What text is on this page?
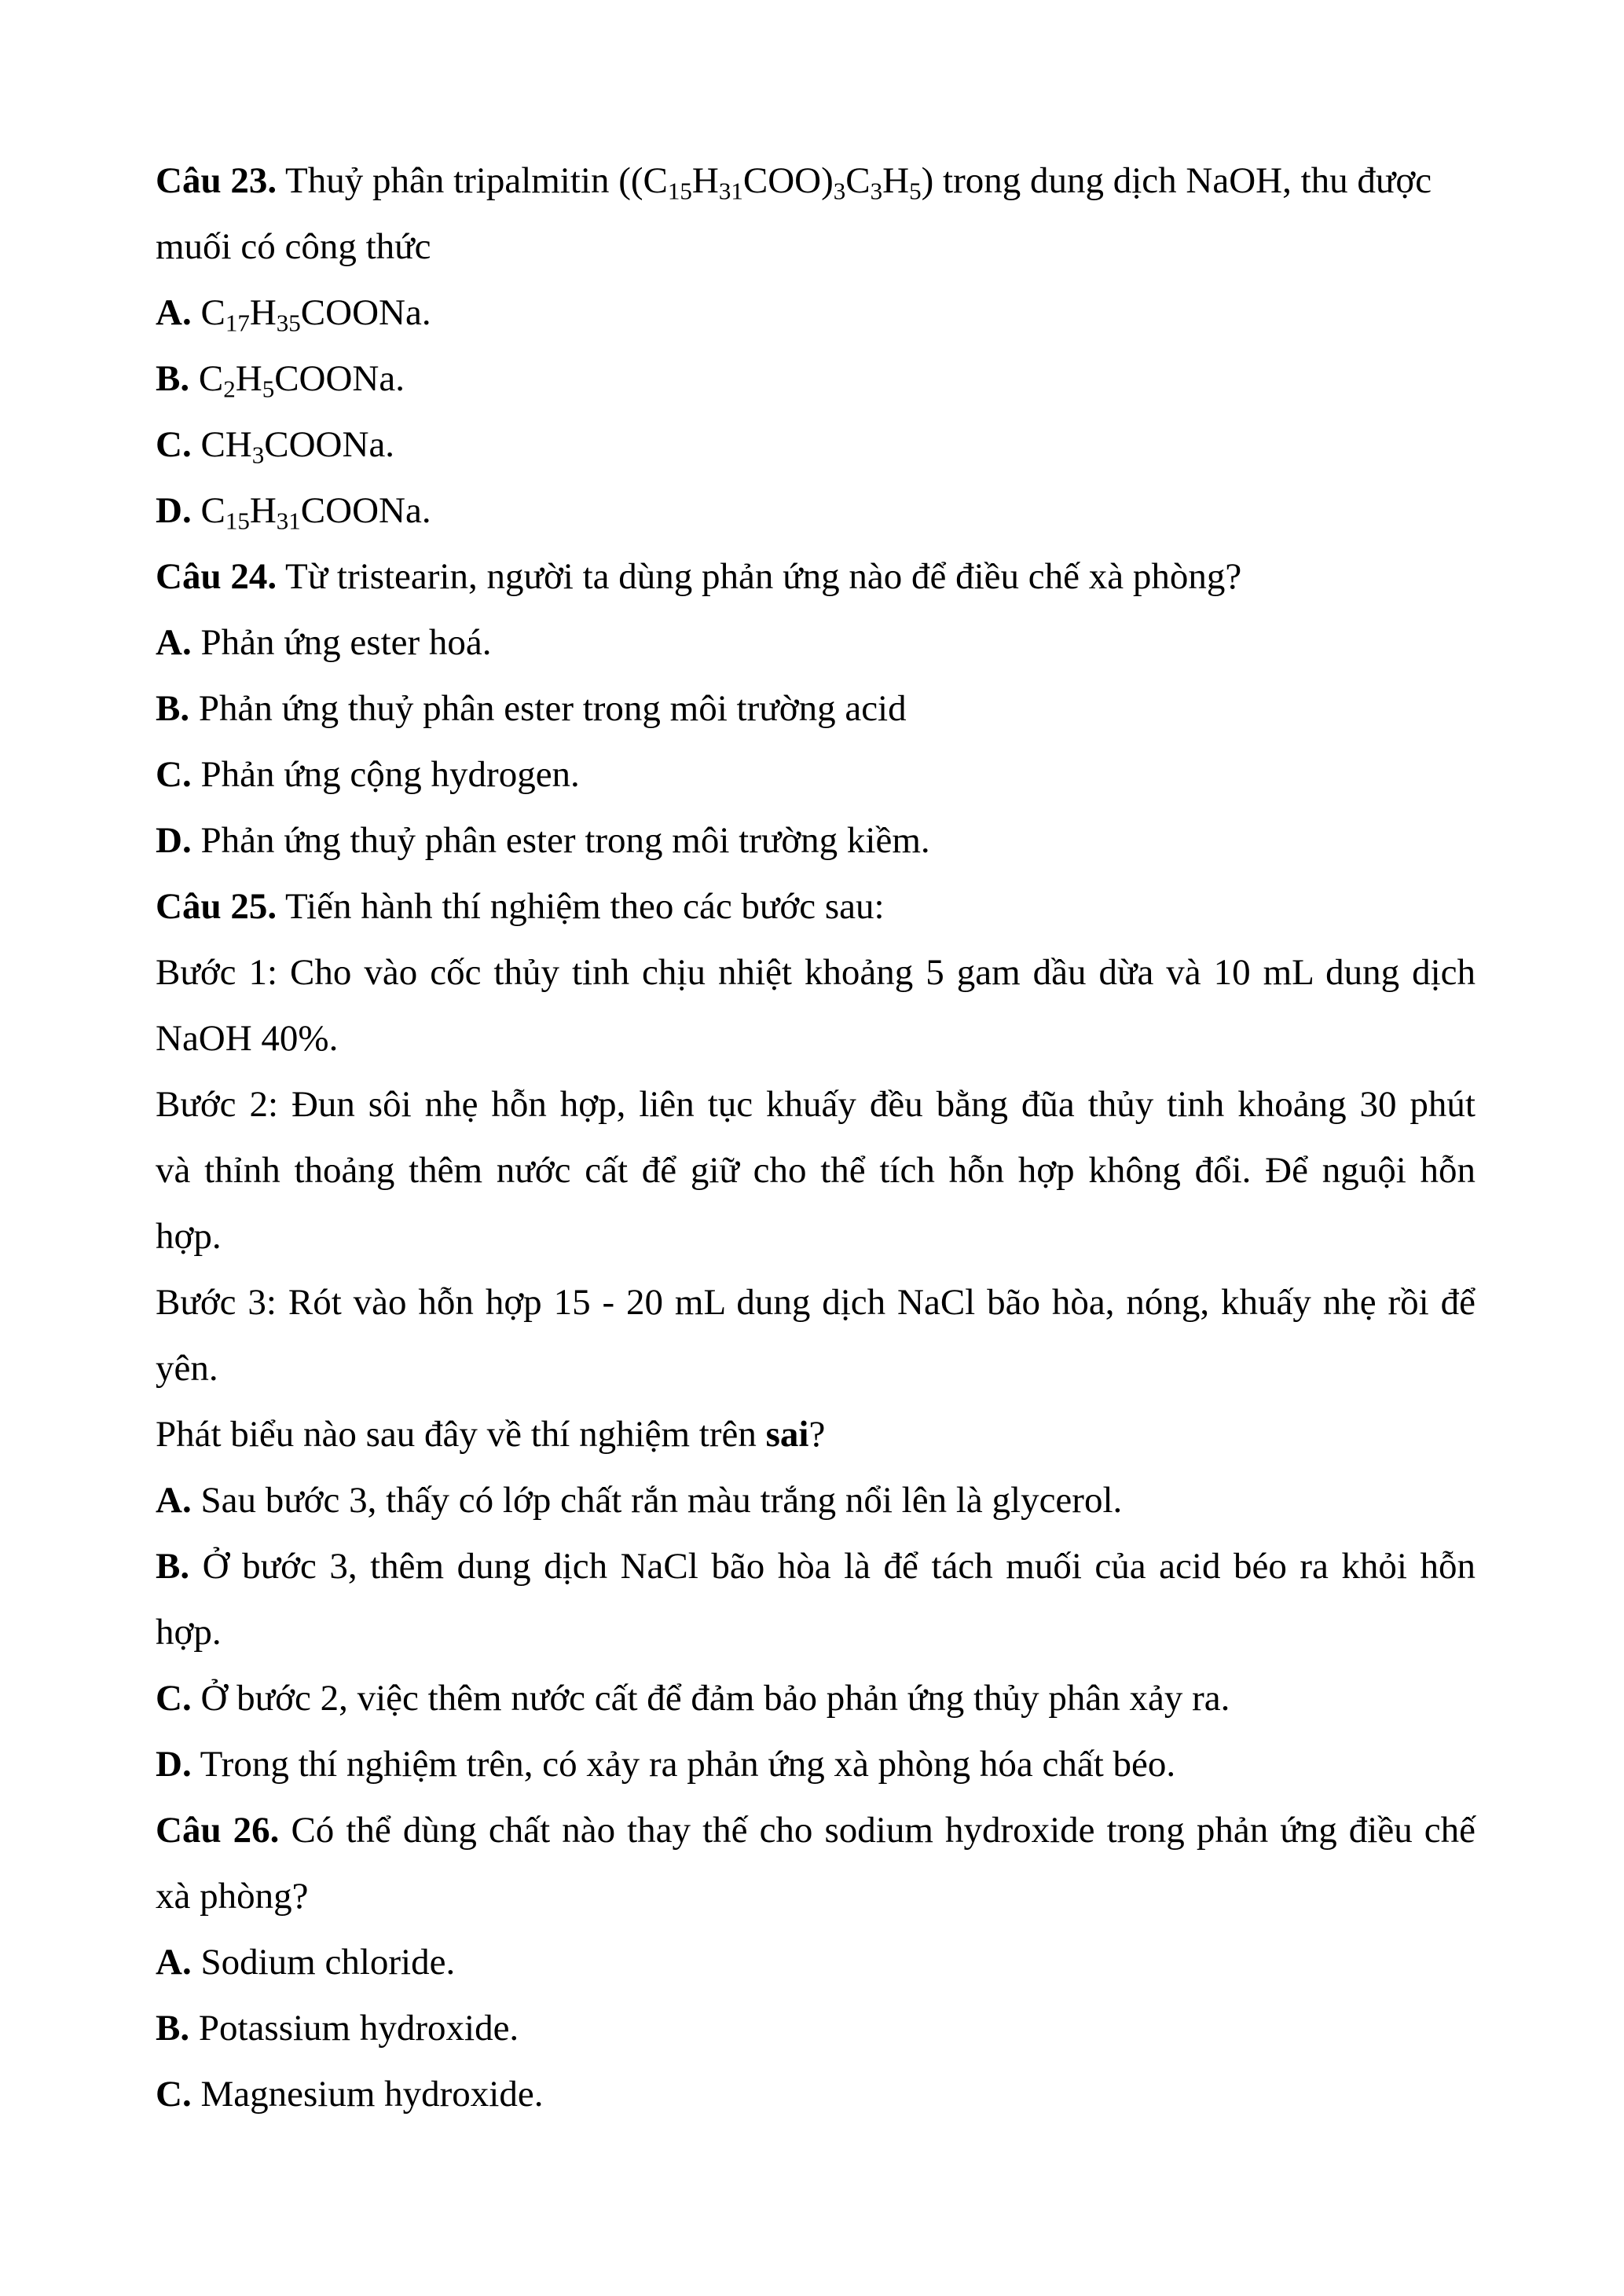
Câu 23. Thuỷ phân tripalmitin $((C_{15}H_{31}COO)_3C_3H_5)$ trong dung dịch NaOH, thu được
muối có công thức
A. $C_{17}H_{35}COONa$.
B. $C_2H_5COONa$.
C. $CH_3COONa$.
D. $C_{15}H_{31}COONa$.
Câu 24. Từ tristearin, người ta dùng phản ứng nào để điều chế xà phòng?
A. Phản ứng ester hoá.
B. Phản ứng thuỷ phân ester trong môi trường acid
C. Phản ứng cộng hydrogen.
D. Phản ứng thuỷ phân ester trong môi trường kiềm.
Câu 25. Tiến hành thí nghiệm theo các bước sau:
Bước 1: Cho vào cốc thủy tinh chịu nhiệt khoảng 5 gam dầu dừa và 10 mL dung dịch
NaOH 40%.
Bước 2: Đun sôi nhẹ hỗn hợp, liên tục khuấy đều bằng đũa thủy tinh khoảng 30 phút
và thỉnh thoảng thêm nước cất để giữ cho thể tích hỗn hợp không đổi. Để nguội hỗn
hợp.
Bước 3: Rót vào hỗn hợp 15 - 20 mL dung dịch NaCl bão hòa, nóng, khuấy nhẹ rồi để
yên.
Phát biểu nào sau đây về thí nghiệm trên sai?
A. Sau bước 3, thấy có lớp chất rắn màu trắng nổi lên là glycerol.
B. Ở bước 3, thêm dung dịch NaCl bão hòa là để tách muối của acid béo ra khỏi hỗn
hợp.
C. Ở bước 2, việc thêm nước cất để đảm bảo phản ứng thủy phân xảy ra.
D. Trong thí nghiệm trên, có xảy ra phản ứng xà phòng hóa chất béo.
Câu 26. Có thể dùng chất nào thay thế cho sodium hydroxide trong phản ứng điều chế
xà phòng?
A. Sodium chloride.
B. Potassium hydroxide.
C. Magnesium hydroxide.
